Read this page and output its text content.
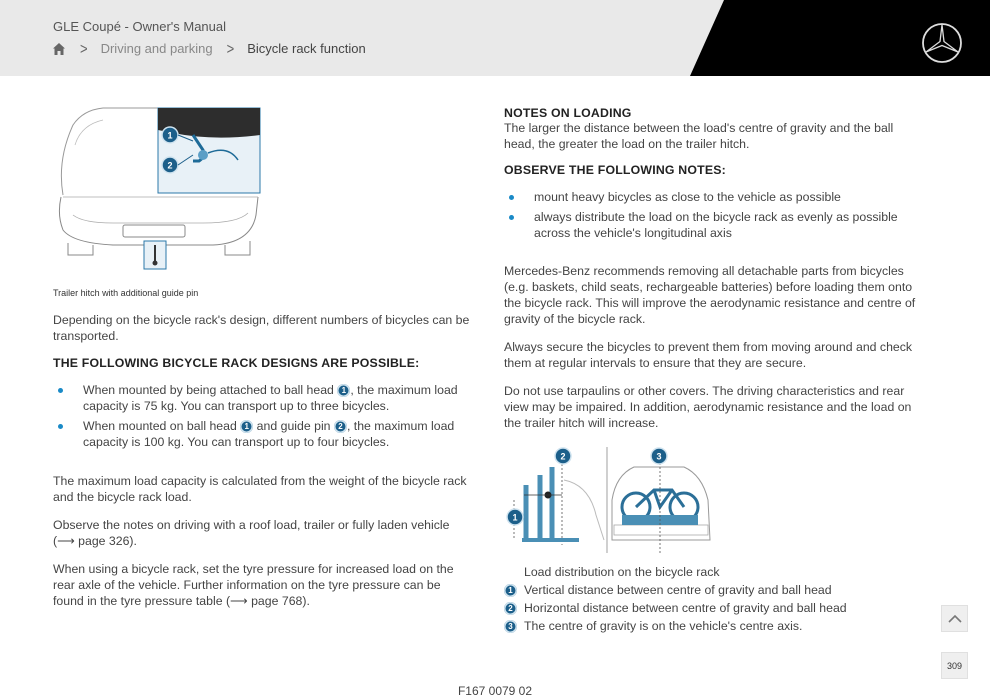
GLE Coupé - Owner's Manual
> Driving and parking > Bicycle rack function
1
2
Trailer hitch with additional guide pin

Depending on the bicycle rack's design, different numbers of bicycles can be transported.

THE FOLLOWING BICYCLE RACK DESIGNS ARE POSSIBLE:

When mounted by being attached to ball head 1 , the maximum load capacity is 75 kg. You can transport up to three bicycles.
When mounted on ball head 1 and guide pin 2 , the maximum load capacity is 100 kg. You can transport up to four bicycles.

The maximum load capacity is calculated from the weight of the bicycle rack and the bicycle rack load.

Observe the notes on driving with a roof load, trailer or fully laden vehicle (⟶ page 326).

When using a bicycle rack, set the tyre pressure for increased load on the rear axle of the vehicle. Further information on the tyre pressure can be found in the tyre pressure table (⟶ page 768).

NOTES ON LOADING

The larger the distance between the load's centre of gravity and the ball head, the greater the load on the trailer hitch.

OBSERVE THE FOLLOWING NOTES:

mount heavy bicycles as close to the vehicle as possible
always distribute the load on the bicycle rack as evenly as possible across the vehicle's longitudinal axis

Mercedes-Benz recommends removing all detachable parts from bicycles (e.g. baskets, child seats, rechargeable batteries) before loading them onto the bicycle rack. This will improve the aerodynamic resistance and centre of gravity of the bicycle rack.

Always secure the bicycles to prevent them from moving around and check them at regular intervals to ensure that they are secure.

Do not use tarpaulins or other covers. The driving characteristics and rear view may be impaired. In addition, aerodynamic resistance and the load on the trailer hitch will increase.

1
2	3
Load distribution on the bicycle rack
1 Vertical distance between centre of gravity and ball head
2 Horizontal distance between centre of gravity and ball head
3 The centre of gravity is on the vehicle's centre axis.
309
F167 0079 02
